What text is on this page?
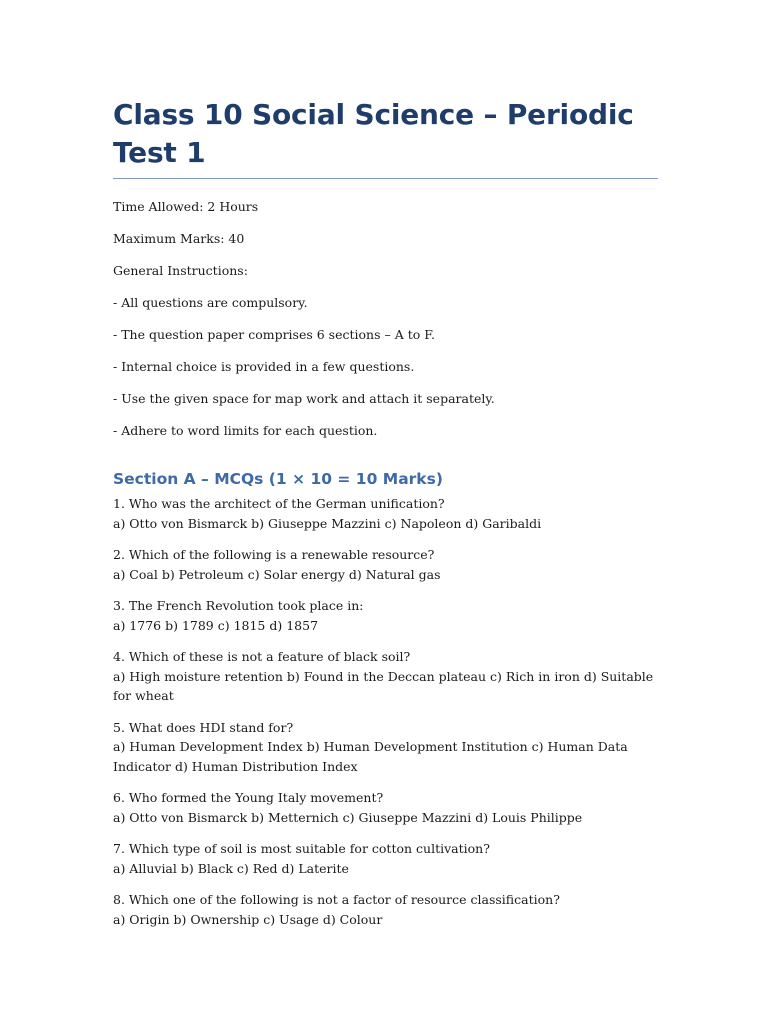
Class 10 Social Science – Periodic Test 1

Time Allowed: 2 Hours

Maximum Marks: 40

General Instructions:

- All questions are compulsory.

- The question paper comprises 6 sections – A to F.

- Internal choice is provided in a few questions.

- Use the given space for map work and attach it separately.

- Adhere to word limits for each question.

Section A – MCQs (1 × 10 = 10 Marks)
1. Who was the architect of the German unification?
a) Otto von Bismarck b) Giuseppe Mazzini c) Napoleon d) Garibaldi
2. Which of the following is a renewable resource?
a) Coal b) Petroleum c) Solar energy d) Natural gas
3. The French Revolution took place in:
a) 1776 b) 1789 c) 1815 d) 1857
4. Which of these is not a feature of black soil?
a) High moisture retention b) Found in the Deccan plateau c) Rich in iron d) Suitable for wheat
5. What does HDI stand for?
a) Human Development Index b) Human Development Institution c) Human Data Indicator d) Human Distribution Index
6. Who formed the Young Italy movement?
a) Otto von Bismarck b) Metternich c) Giuseppe Mazzini d) Louis Philippe
7. Which type of soil is most suitable for cotton cultivation?
a) Alluvial b) Black c) Red d) Laterite
8. Which one of the following is not a factor of resource classification?
a) Origin b) Ownership c) Usage d) Colour
